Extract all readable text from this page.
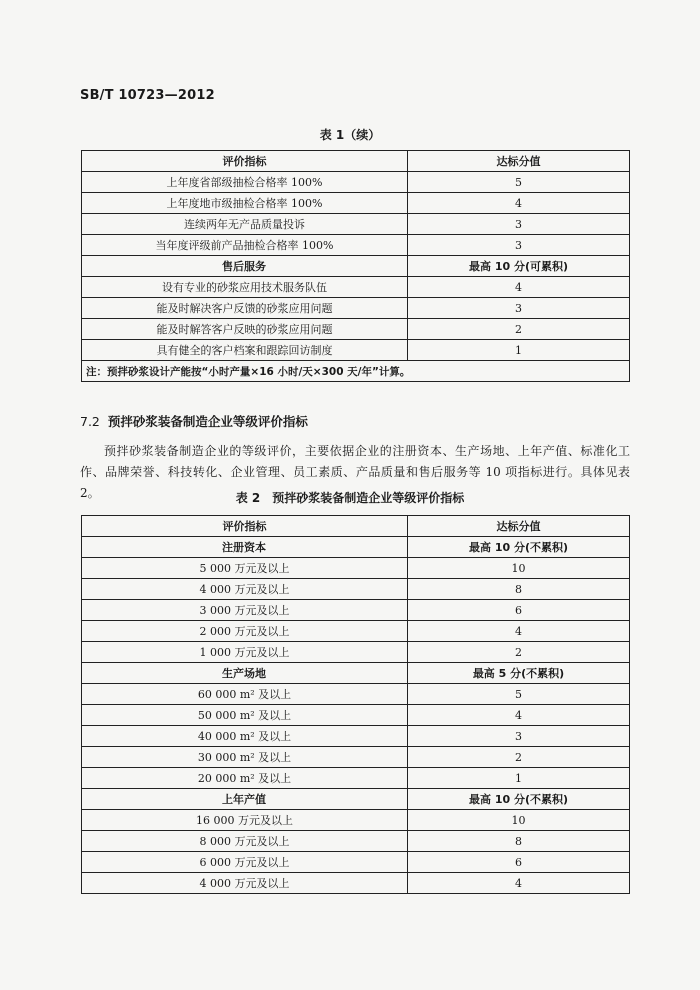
SB/T 10723—2012
表 1（续）
评价指标	达标分值
上年度省部级抽检合格率 100%	5
上年度地市级抽检合格率 100%	4
连续两年无产品质量投诉	3
当年度评级前产品抽检合格率 100%	3
售后服务	最高 10 分(可累积)
设有专业的砂浆应用技术服务队伍	4
能及时解决客户反馈的砂浆应用问题	3
能及时解答客户反映的砂浆应用问题	2
具有健全的客户档案和跟踪回访制度	1
注：预拌砂浆设计产能按“小时产量×16 小时/天×300 天/年”计算。	
7.2 预拌砂浆装备制造企业等级评价指标

预拌砂浆装备制造企业的等级评价，主要依据企业的注册资本、生产场地、上年产值、标准化工作、品牌荣誉、科技转化、企业管理、员工素质、产品质量和售后服务等 10 项指标进行。具体见表 2。	表 2　预拌砂浆装备制造企业等级评价指标
评价指标	达标分值
注册资本	最高 10 分(不累积)
5 000 万元及以上	10
4 000 万元及以上	8
3 000 万元及以上	6
2 000 万元及以上	4
1 000 万元及以上	2
生产场地	最高 5 分(不累积)
60 000 m² 及以上	5
50 000 m² 及以上	4
40 000 m² 及以上	3
30 000 m² 及以上	2
20 000 m² 及以上	1
上年产值	最高 10 分(不累积)
16 000 万元及以上	10
8 000 万元及以上	8
6 000 万元及以上	6
4 000 万元及以上	4
